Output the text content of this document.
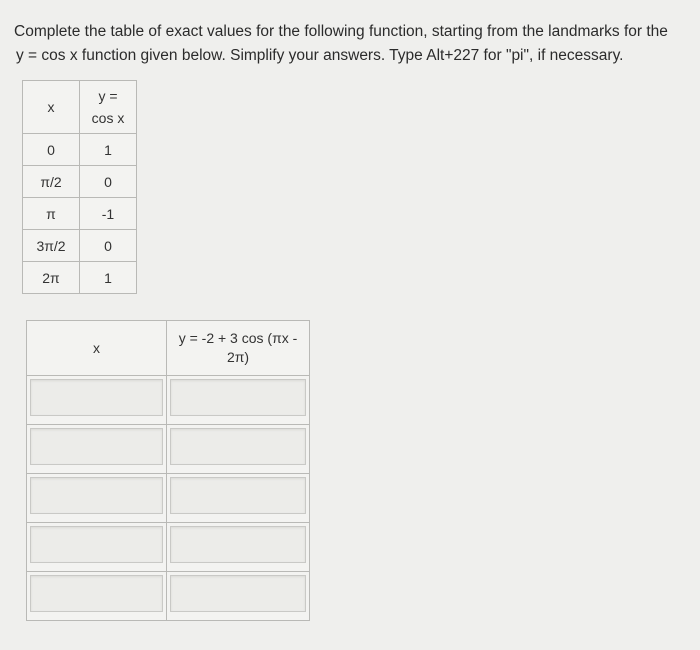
Complete the table of exact values for the following function, starting from the landmarks for the

y = cos x function given below. Simplify your answers. Type Alt+227 for "pi", if necessary.

x	y =
cos x

0	1
π/2	0
π	-1
3π/2	0
2π	1
x	y = -2 + 3 cos (πx -
2π)
